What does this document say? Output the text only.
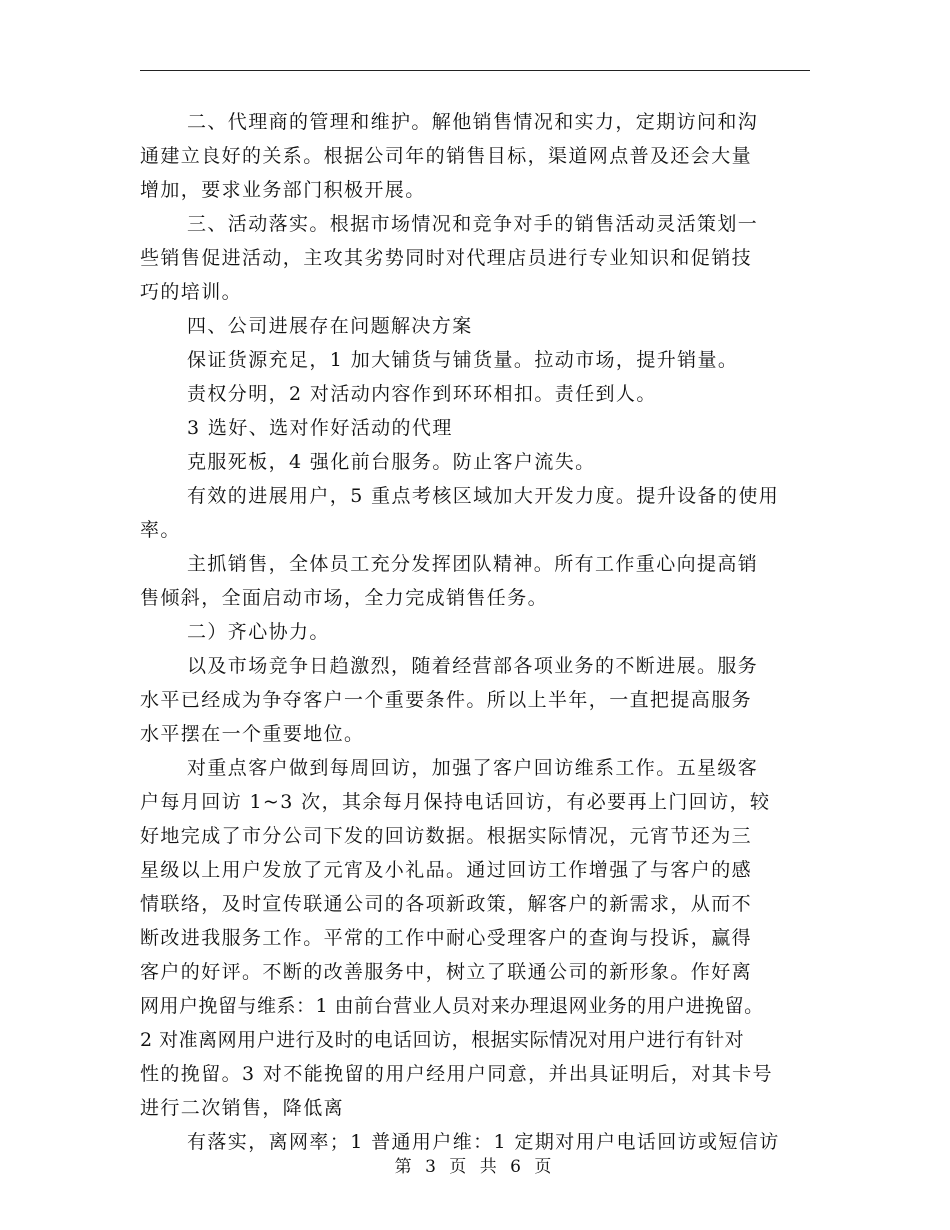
二、代理商的管理和维护。解他销售情况和实力，定期访问和沟
通建立良好的关系。根据公司年的销售目标，渠道网点普及还会大量
增加，要求业务部门积极开展。
三、活动落实。根据市场情况和竞争对手的销售活动灵活策划一
些销售促进活动，主攻其劣势同时对代理店员进行专业知识和促销技
巧的培训。
四、公司进展存在问题解决方案
保证货源充足，1 加大铺货与铺货量。拉动市场，提升销量。
责权分明，2 对活动内容作到环环相扣。责任到人。
3 选好、选对作好活动的代理
克服死板，4 强化前台服务。防止客户流失。
有效的进展用户，5 重点考核区域加大开发力度。提升设备的使用
率。
主抓销售，全体员工充分发挥团队精神。所有工作重心向提高销
售倾斜，全面启动市场，全力完成销售任务。
二）齐心协力。
以及市场竞争日趋激烈，随着经营部各项业务的不断进展。服务
水平已经成为争夺客户一个重要条件。所以上半年，一直把提高服务
水平摆在一个重要地位。
对重点客户做到每周回访，加强了客户回访维系工作。五星级客
户每月回访 1~3 次，其余每月保持电话回访，有必要再上门回访，较
好地完成了市分公司下发的回访数据。根据实际情况，元宵节还为三
星级以上用户发放了元宵及小礼品。通过回访工作增强了与客户的感
情联络，及时宣传联通公司的各项新政策，解客户的新需求，从而不
断改进我服务工作。平常的工作中耐心受理客户的查询与投诉，赢得
客户的好评。不断的改善服务中，树立了联通公司的新形象。作好离
网用户挽留与维系：1 由前台营业人员对来办理退网业务的用户进挽留。
2 对准离网用户进行及时的电话回访，根据实际情况对用户进行有针对
性的挽留。3 对不能挽留的用户经用户同意，并出具证明后，对其卡号
进行二次销售，降低离
有落实，离网率；1 普通用户维：1 定期对用户电话回访或短信访
第 3 页 共 6 页
